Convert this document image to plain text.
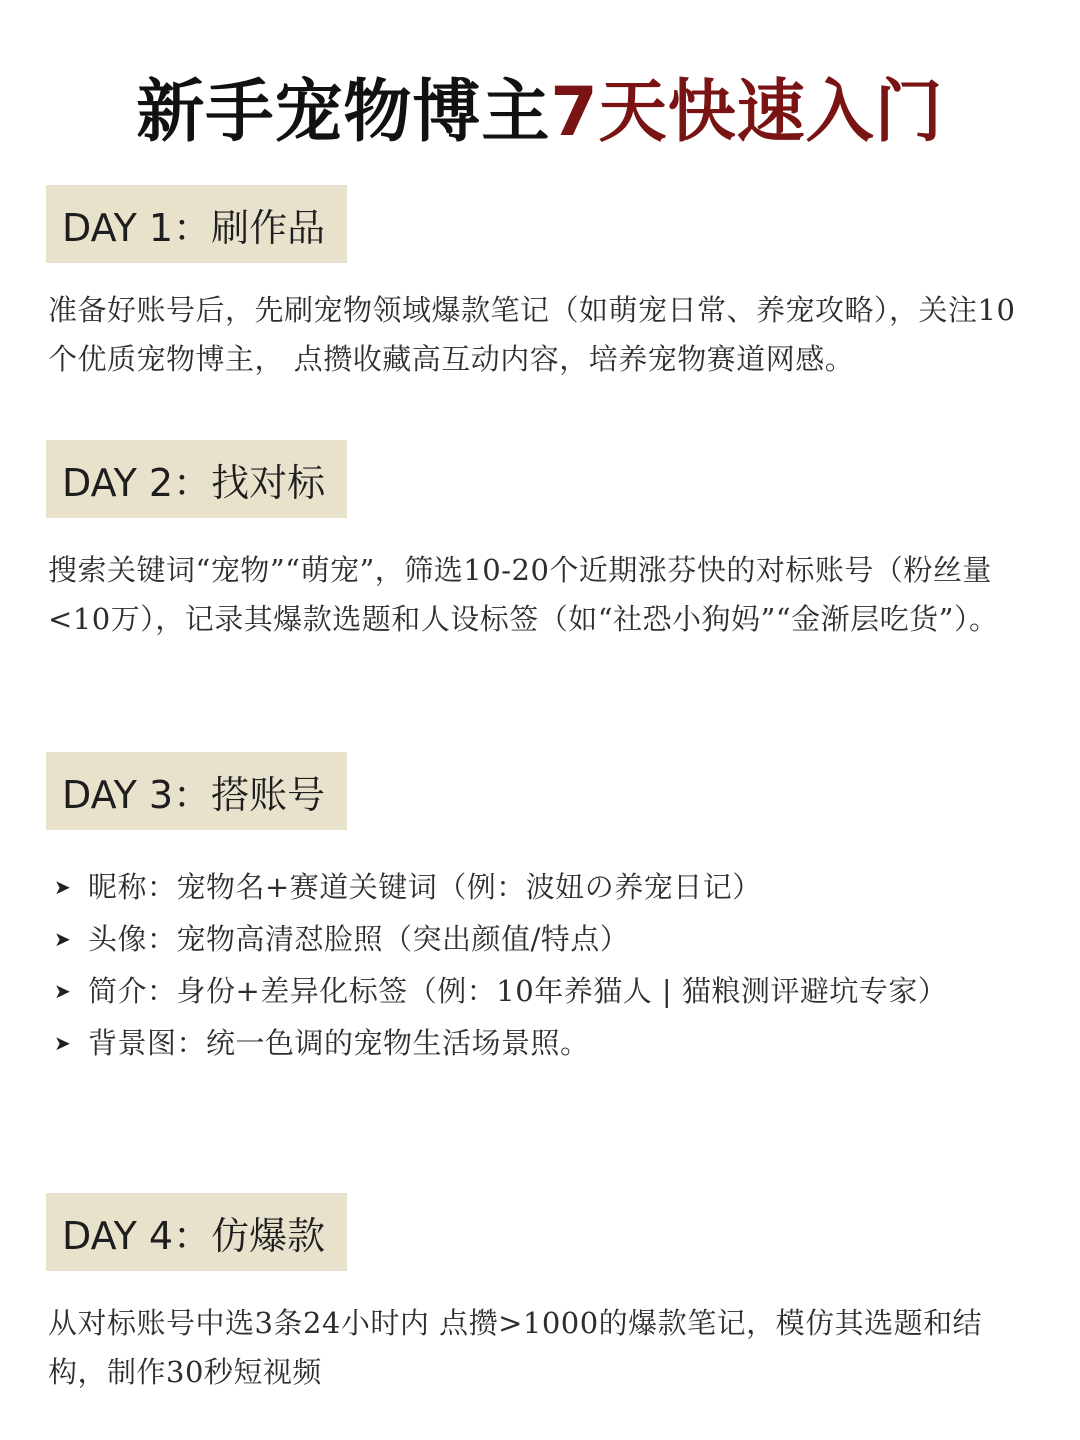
新手宠物博主7天快速入门
DAY 1：刷作品

准备好账号后，先刷宠物领域爆款笔记（如萌宠日常、养宠攻略），关注10个优质宠物博主， 点攒收藏高互动内容，培养宠物赛道网感。

DAY 2：找对标

搜索关键词“宠物”“萌宠”，筛选10-20个近期涨芬快的对标账号（粉丝量<10万），记录其爆款选题和人设标签（如“社恐小狗妈”“金渐层吃货”）。

DAY 3：搭账号
➤ 昵称：宠物名+赛道关键词（例：波妞の养宠日记）
➤ 头像：宠物高清怼脸照（突出颜值/特点）
➤ 简介：身份+差异化标签（例：10年养猫人 | 猫粮测评避坑专家）
➤ 背景图：统一色调的宠物生活场景照。
DAY 4：仿爆款

从对标账号中选3条24小时内 点攒>1000的爆款笔记，模仿其选题和结构，制作30秒短视频
